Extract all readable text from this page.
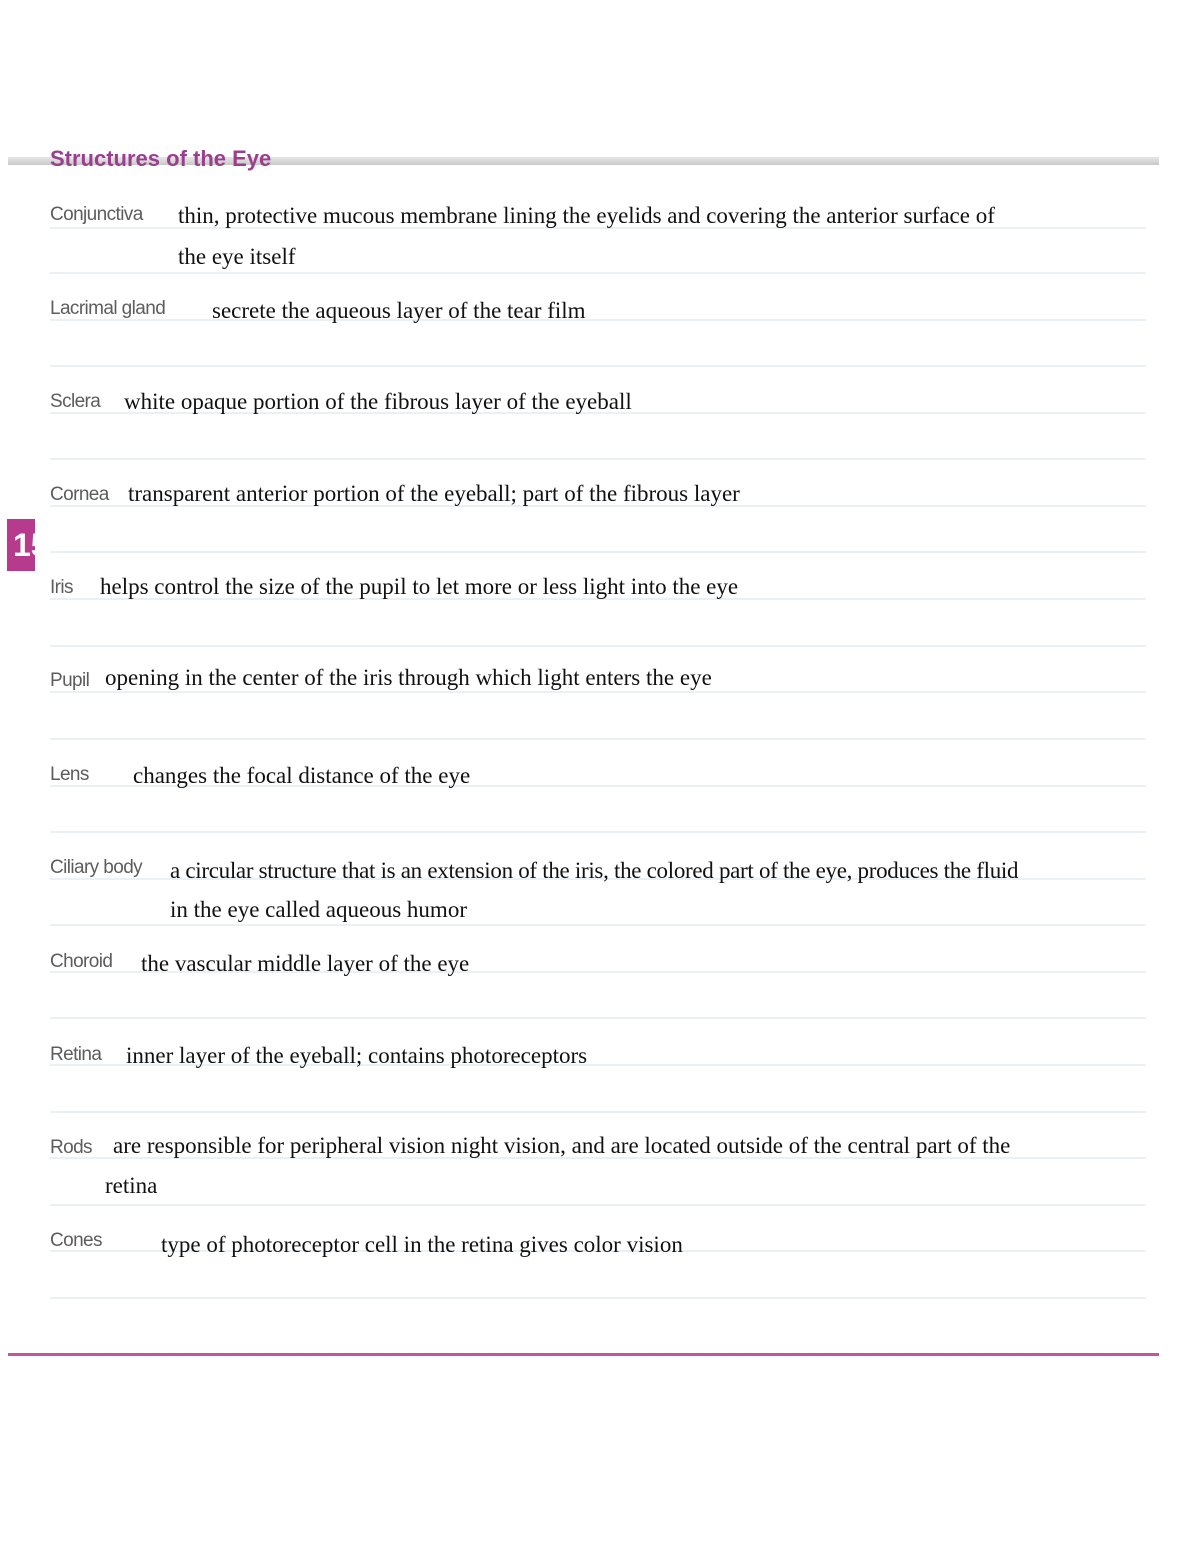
Structures of the Eye
15
Conjunctiva thin, protective mucous membrane lining the eyelids and covering the anterior surface of
the eye itself
Lacrimal gland secrete the aqueous layer of the tear film
Sclera white opaque portion of the fibrous layer of the eyeball
Cornea transparent anterior portion of the eyeball; part of the fibrous layer
Iris helps control the size of the pupil to let more or less light into the eye
Pupil opening in the center of the iris through which light enters the eye
Lens changes the focal distance of the eye
Ciliary body a circular structure that is an extension of the iris, the colored part of the eye, produces the fluid
in the eye called aqueous humor
Choroid the vascular middle layer of the eye
Retina inner layer of the eyeball; contains photoreceptors
Rods are responsible for peripheral vision night vision, and are located outside of the central part of the
retina
Cones	type of photoreceptor cell in the retina gives color vision
